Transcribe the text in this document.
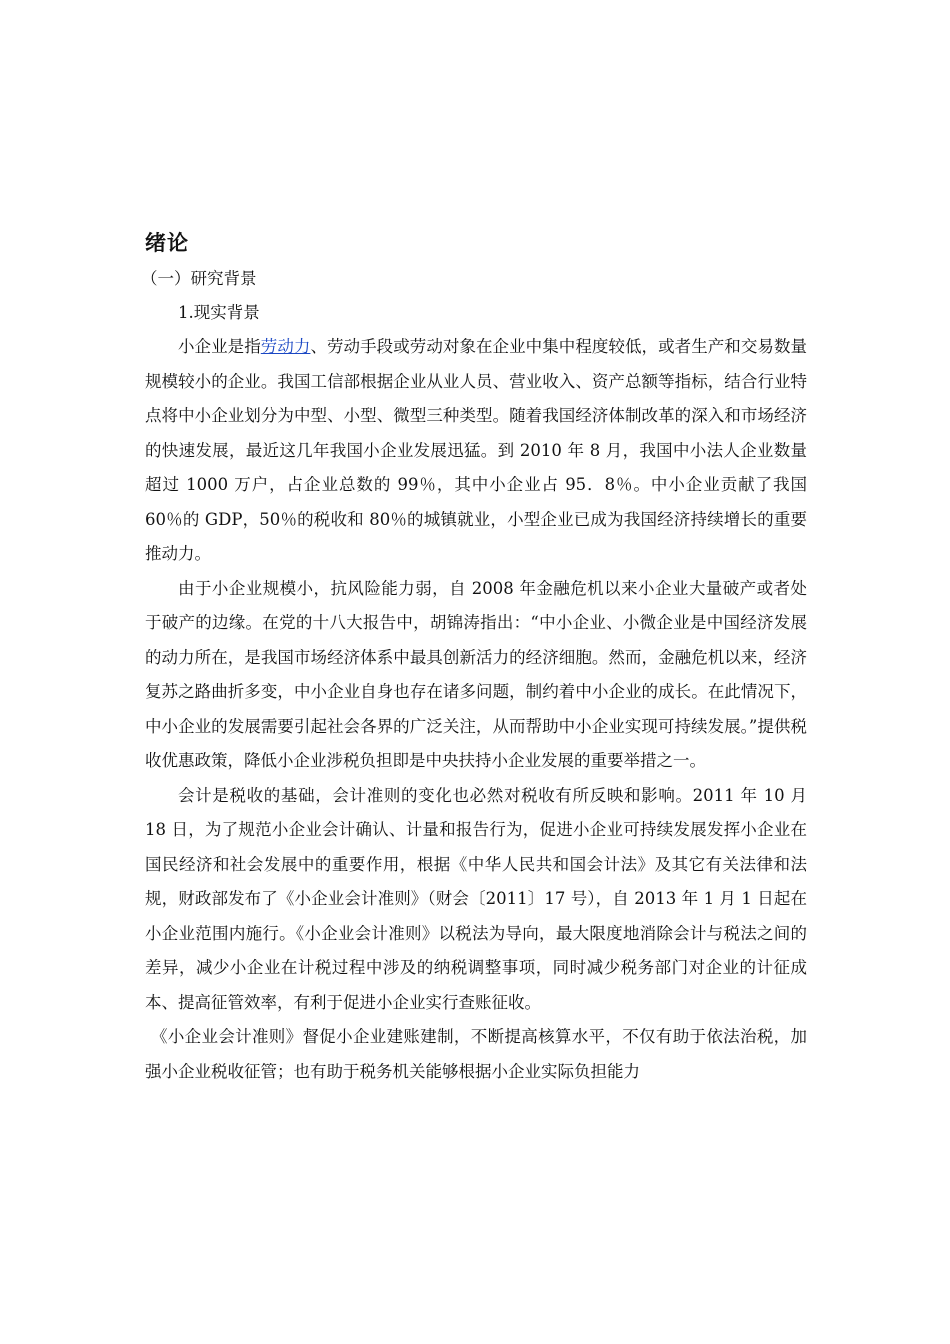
绪论
（一）研究背景
1.现实背景

小企业是指劳动力、劳动手段或劳动对象在企业中集中程度较低，或者生产和交易数量规模较小的企业。我国工信部根据企业从业人员、营业收入、资产总额等指标，结合行业特点将中小企业划分为中型、小型、微型三种类型。随着我国经济体制改革的深入和市场经济的快速发展，最近这几年我国小企业发展迅猛。到 2010 年 8 月，我国中小法人企业数量超过 1000 万户，占企业总数的 99％，其中小企业占 95．8％。中小企业贡献了我国 60％的 GDP，50％的税收和 80％的城镇就业，小型企业已成为我国经济持续增长的重要推动力。

由于小企业规模小，抗风险能力弱，自 2008 年金融危机以来小企业大量破产或者处于破产的边缘。在党的十八大报告中，胡锦涛指出：“中小企业、小微企业是中国经济发展的动力所在，是我国市场经济体系中最具创新活力的经济细胞。然而，金融危机以来，经济复苏之路曲折多变，中小企业自身也存在诸多问题，制约着中小企业的成长。在此情况下，中小企业的发展需要引起社会各界的广泛关注，从而帮助中小企业实现可持续发展。”提供税收优惠政策，降低小企业涉税负担即是中央扶持小企业发展的重要举措之一。

会计是税收的基础，会计准则的变化也必然对税收有所反映和影响。2011 年 10 月 18 日，为了规范小企业会计确认、计量和报告行为，促进小企业可持续发展发挥小企业在国民经济和社会发展中的重要作用，根据《中华人民共和国会计法》及其它有关法律和法规，财政部发布了《小企业会计准则》（财会〔2011〕17 号），自 2013 年 1 月 1 日起在小企业范围内施行。《小企业会计准则》以税法为导向，最大限度地消除会计与税法之间的差异，减少小企业在计税过程中涉及的纳税调整事项，同时减少税务部门对企业的计征成本、提高征管效率，有利于促进小企业实行查账征收。

《小企业会计准则》督促小企业建账建制，不断提高核算水平，不仅有助于依法治税，加强小企业税收征管；也有助于税务机关能够根据小企业实际负担能力
